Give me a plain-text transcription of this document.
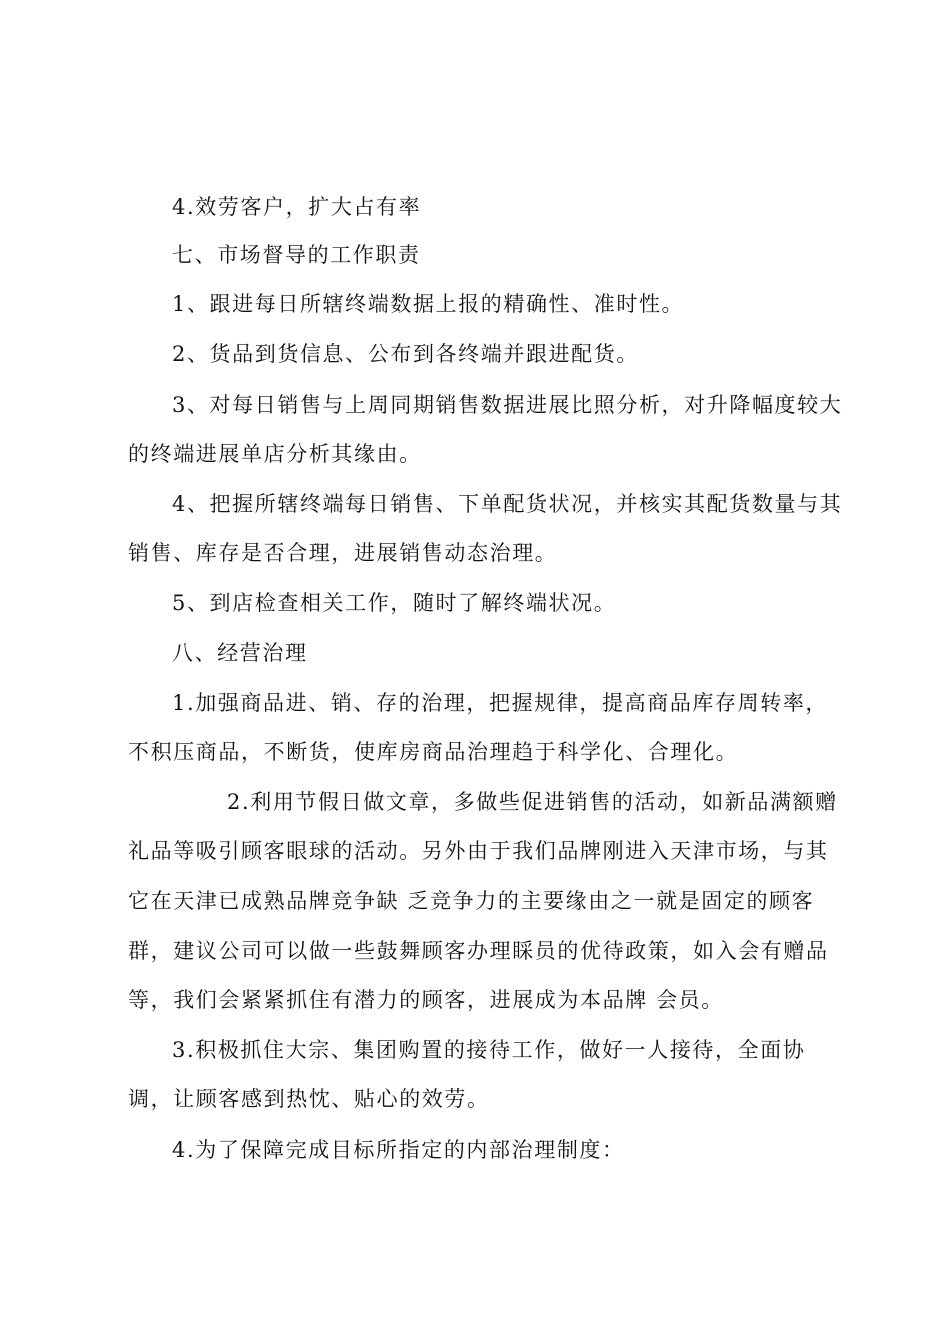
4.效劳客户，扩大占有率
七、市场督导的工作职责
1、跟进每日所辖终端数据上报的精确性、准时性。
2、货品到货信息、公布到各终端并跟进配货。
3、对每日销售与上周同期销售数据进展比照分析，对升降幅度较大
的终端进展单店分析其缘由。
4、把握所辖终端每日销售、下单配货状况，并核实其配货数量与其
销售、库存是否合理，进展销售动态治理。
5、到店检查相关工作，随时了解终端状况。
八、经营治理
1.加强商品进、销、存的治理，把握规律，提高商品库存周转率，
不积压商品，不断货，使库房商品治理趋于科学化、合理化。
2.利用节假日做文章，多做些促进销售的活动，如新品满额赠
礼品等吸引顾客眼球的活动。另外由于我们品牌刚进入天津市场，与其
它在天津已成熟品牌竞争缺 乏竞争力的主要缘由之一就是固定的顾客
群，建议公司可以做一些鼓舞顾客办理睬员的优待政策，如入会有赠品
等，我们会紧紧抓住有潜力的顾客，进展成为本品牌 会员。
3.积极抓住大宗、集团购置的接待工作，做好一人接待，全面协
调，让顾客感到热忱、贴心的效劳。
4.为了保障完成目标所指定的内部治理制度：
